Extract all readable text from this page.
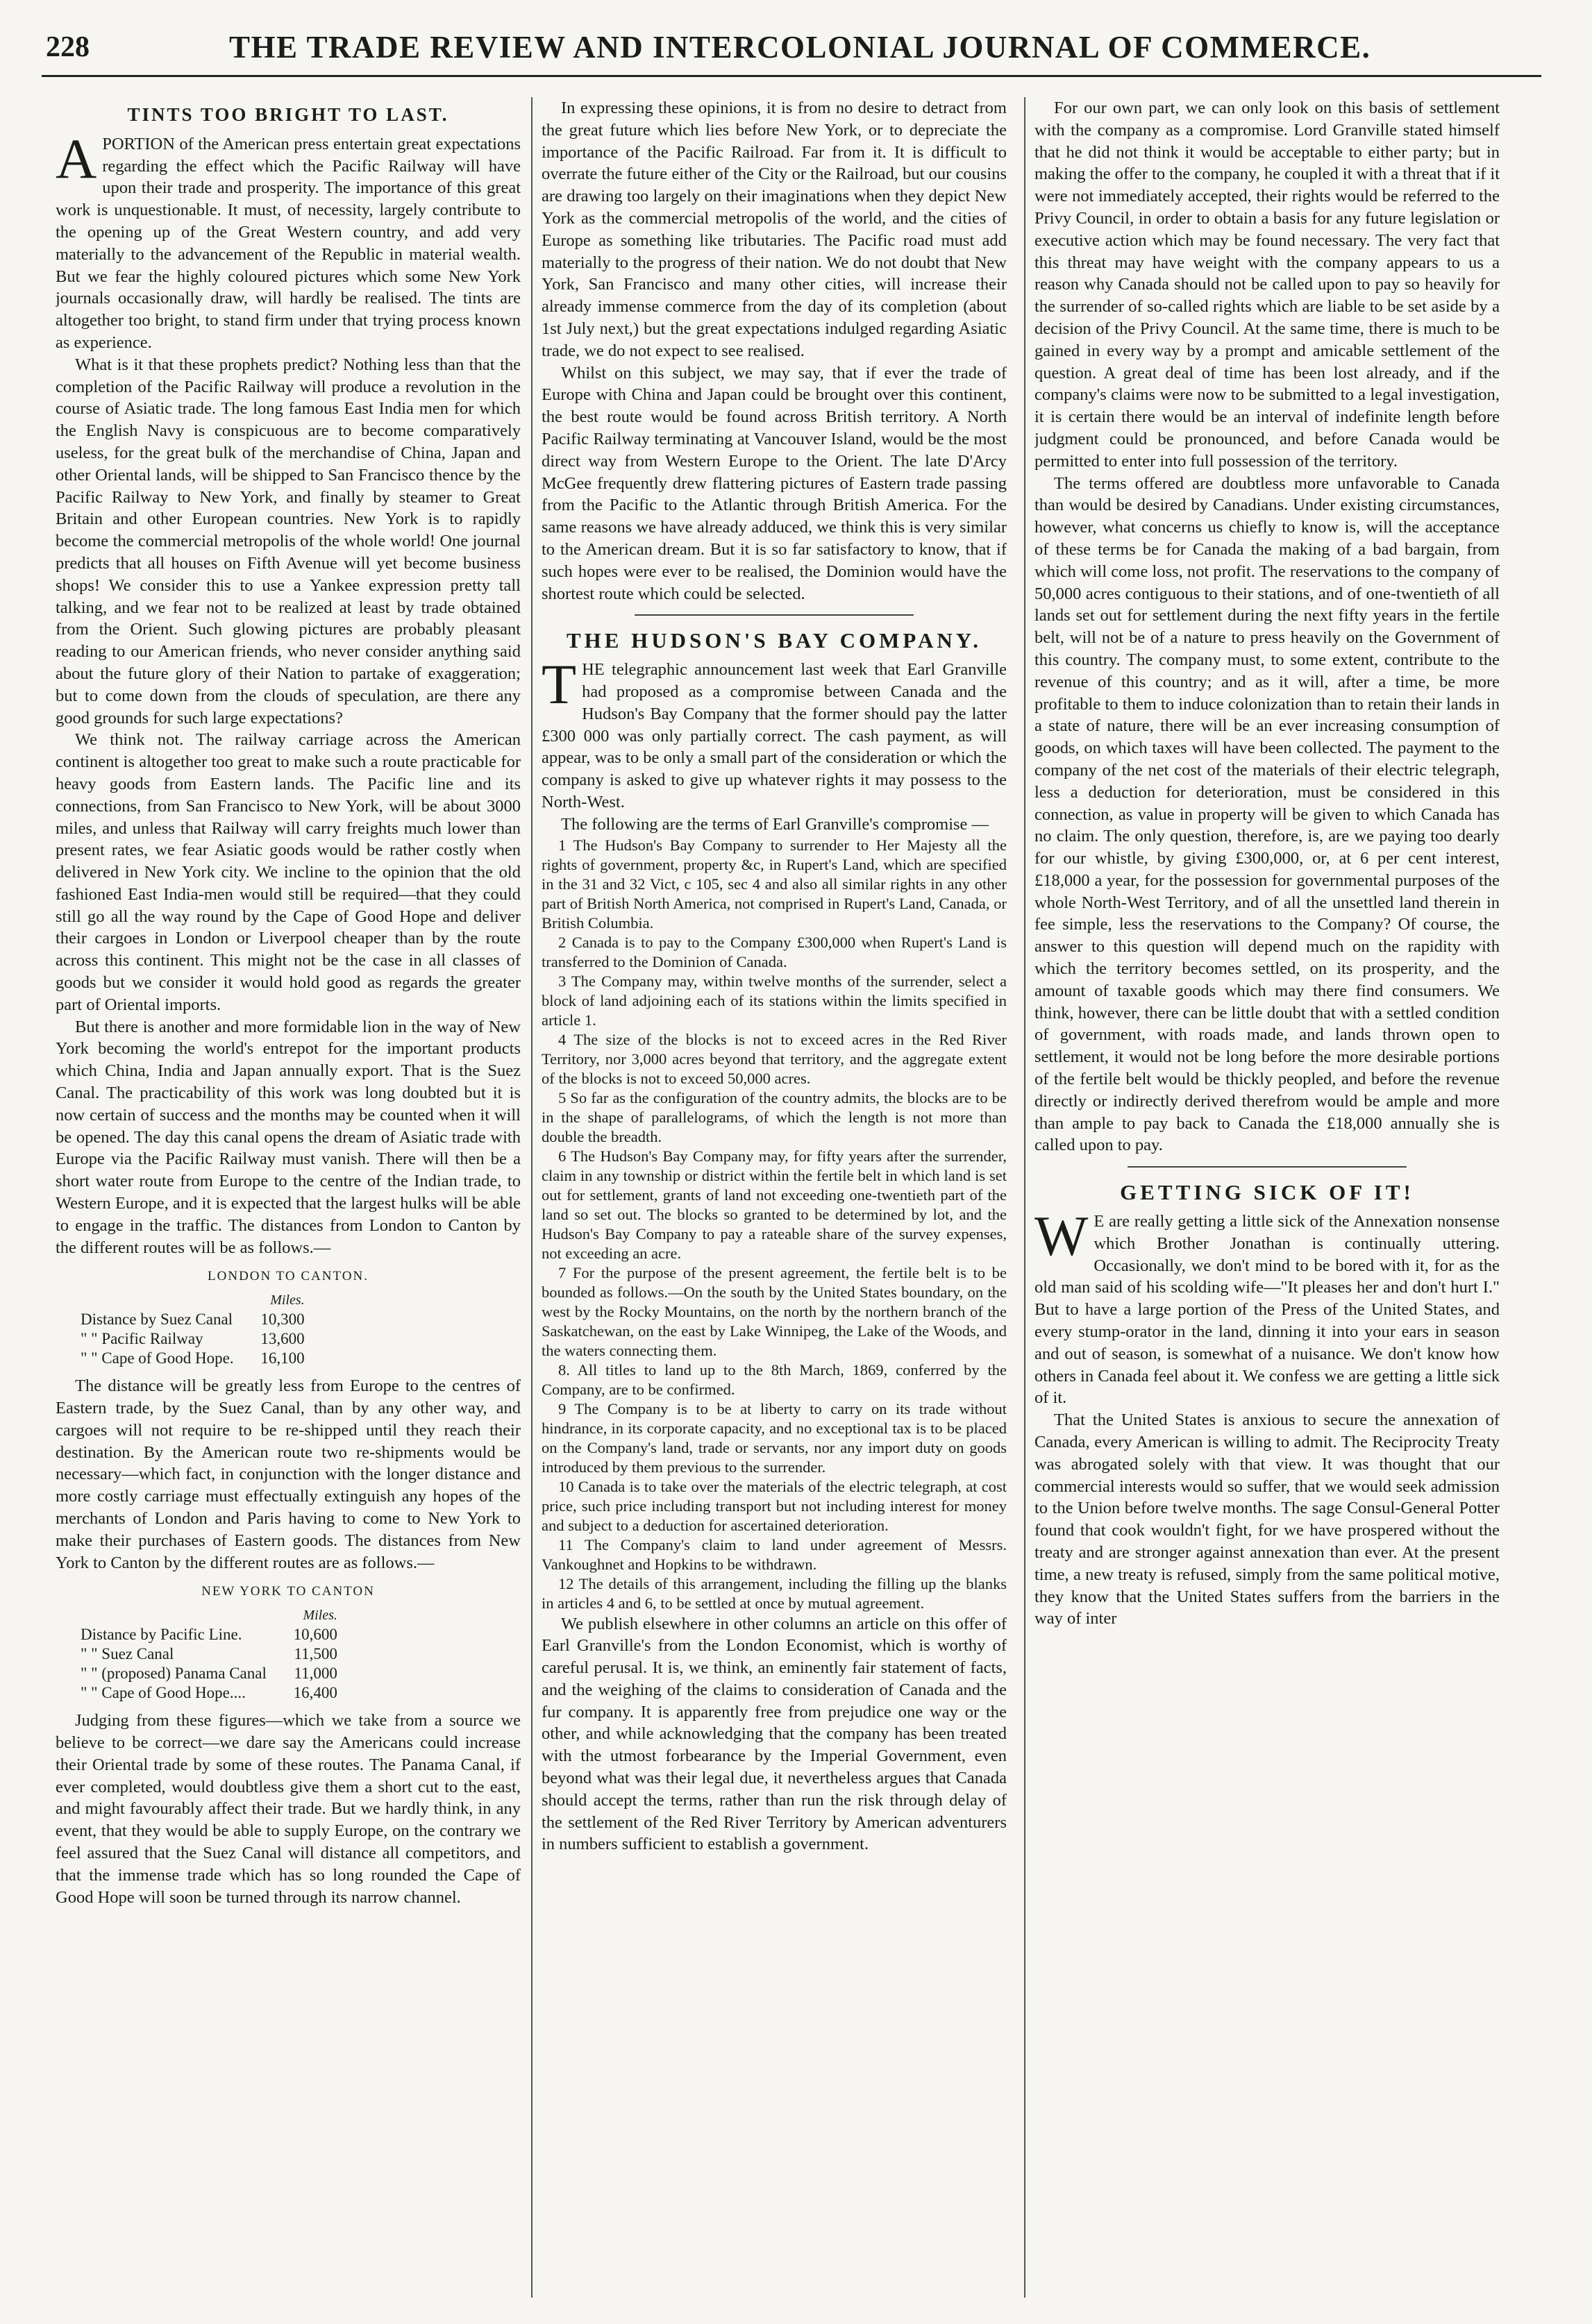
228	THE TRADE REVIEW AND INTERCOLONIAL JOURNAL OF COMMERCE.
TINTS TOO BRIGHT TO LAST.

APORTION of the American press entertain great expectations regarding the effect which the Pacific Railway will have upon their trade and prosperity. The importance of this great work is unquestionable. It must, of necessity, largely contribute to the opening up of the Great Western country, and add very materially to the advancement of the Republic in material wealth. But we fear the highly coloured pictures which some New York journals occasionally draw, will hardly be realised. The tints are altogether too bright, to stand firm under that trying process known as experience.

What is it that these prophets predict? Nothing less than that the completion of the Pacific Railway will produce a revolution in the course of Asiatic trade. The long famous East India men for which the English Navy is conspicuous are to become comparatively useless, for the great bulk of the merchandise of China, Japan and other Oriental lands, will be shipped to San Francisco thence by the Pacific Railway to New York, and finally by steamer to Great Britain and other European countries. New York is to rapidly become the commercial metropolis of the whole world! One journal predicts that all houses on Fifth Avenue will yet become business shops! We consider this to use a Yankee expression pretty tall talking, and we fear not to be realized at least by trade obtained from the Orient. Such glowing pictures are probably pleasant reading to our American friends, who never consider anything said about the future glory of their Nation to partake of exaggeration; but to come down from the clouds of speculation, are there any good grounds for such large expectations?

We think not. The railway carriage across the American continent is altogether too great to make such a route practicable for heavy goods from Eastern lands. The Pacific line and its connections, from San Francisco to New York, will be about 3000 miles, and unless that Railway will carry freights much lower than present rates, we fear Asiatic goods would be rather costly when delivered in New York city. We incline to the opinion that the old fashioned East India-men would still be required—that they could still go all the way round by the Cape of Good Hope and deliver their cargoes in London or Liverpool cheaper than by the route across this continent. This might not be the case in all classes of goods but we consider it would hold good as regards the greater part of Oriental imports.

But there is another and more formidable lion in the way of New York becoming the world's entrepot for the important products which China, India and Japan annually export. That is the Suez Canal. The practicability of this work was long doubted but it is now certain of success and the months may be counted when it will be opened. The day this canal opens the dream of Asiatic trade with Europe via the Pacific Railway must vanish. There will then be a short water route from Europe to the centre of the Indian trade, to Western Europe, and it is expected that the largest hulks will be able to engage in the traffic. The distances from London to Canton by the different routes will be as follows.—

LONDON TO CANTON.
	Miles.
Distance by Suez Canal	10,300
" " Pacific Railway	13,600
" " Cape of Good Hope.	16,100

The distance will be greatly less from Europe to the centres of Eastern trade, by the Suez Canal, than by any other way, and cargoes will not require to be re-shipped until they reach their destination. By the American route two re-shipments would be necessary—which fact, in conjunction with the longer distance and more costly carriage must effectually extinguish any hopes of the merchants of London and Paris having to come to New York to make their purchases of Eastern goods. The distances from New York to Canton by the different routes are as follows.—

NEW YORK TO CANTON
	Miles.
Distance by Pacific Line.	10,600
" " Suez Canal	11,500
" " (proposed) Panama Canal	11,000
" " Cape of Good Hope....	16,400

Judging from these figures—which we take from a source we believe to be correct—we dare say the Americans could increase their Oriental trade by some of these routes. The Panama Canal, if ever completed, would doubtless give them a short cut to the east, and might favourably affect their trade. But we hardly think, in any event, that they would be able to supply Europe, on the contrary we feel assured that the Suez Canal will distance all competitors, and that the immense trade which has so long rounded the Cape of Good Hope will soon be turned through its narrow channel.

In expressing these opinions, it is from no desire to detract from the great future which lies before New York, or to depreciate the importance of the Pacific Railroad. Far from it. It is difficult to overrate the future either of the City or the Railroad, but our cousins are drawing too largely on their imaginations when they depict New York as the commercial metropolis of the world, and the cities of Europe as something like tributaries. The Pacific road must add materially to the progress of their nation. We do not doubt that New York, San Francisco and many other cities, will increase their already immense commerce from the day of its completion (about 1st July next,) but the great expectations indulged regarding Asiatic trade, we do not expect to see realised.

Whilst on this subject, we may say, that if ever the trade of Europe with China and Japan could be brought over this continent, the best route would be found across British territory. A North Pacific Railway terminating at Vancouver Island, would be the most direct way from Western Europe to the Orient. The late D'Arcy McGee frequently drew flattering pictures of Eastern trade passing from the Pacific to the Atlantic through British America. For the same reasons we have already adduced, we think this is very similar to the American dream. But it is so far satisfactory to know, that if such hopes were ever to be realised, the Dominion would have the shortest route which could be selected.

THE HUDSON'S BAY COMPANY.

THE telegraphic announcement last week that Earl Granville had proposed as a compromise between Canada and the Hudson's Bay Company that the former should pay the latter £300 000 was only partially correct. The cash payment, as will appear, was to be only a small part of the consideration or which the company is asked to give up whatever rights it may possess to the North-West.

The following are the terms of Earl Granville's compromise —

1 The Hudson's Bay Company to surrender to Her Majesty all the rights of government, property &c, in Rupert's Land, which are specified in the 31 and 32 Vict, c 105, sec 4 and also all similar rights in any other part of British North America, not comprised in Rupert's Land, Canada, or British Columbia.
2 Canada is to pay to the Company £300,000 when Rupert's Land is transferred to the Dominion of Canada.
3 The Company may, within twelve months of the surrender, select a block of land adjoining each of its stations within the limits specified in article 1.
4 The size of the blocks is not to exceed acres in the Red River Territory, nor 3,000 acres beyond that territory, and the aggregate extent of the blocks is not to exceed 50,000 acres.
5 So far as the configuration of the country admits, the blocks are to be in the shape of parallelograms, of which the length is not more than double the breadth.
6 The Hudson's Bay Company may, for fifty years after the surrender, claim in any township or district within the fertile belt in which land is set out for settlement, grants of land not exceeding one-twentieth part of the land so set out. The blocks so granted to be determined by lot, and the Hudson's Bay Company to pay a rateable share of the survey expenses, not exceeding an acre.
7 For the purpose of the present agreement, the fertile belt is to be bounded as follows.—On the south by the United States boundary, on the west by the Rocky Mountains, on the north by the northern branch of the Saskatchewan, on the east by Lake Winnipeg, the Lake of the Woods, and the waters connecting them.
8. All titles to land up to the 8th March, 1869, conferred by the Company, are to be confirmed.
9 The Company is to be at liberty to carry on its trade without hindrance, in its corporate capacity, and no exceptional tax is to be placed on the Company's land, trade or servants, nor any import duty on goods introduced by them previous to the surrender.
10 Canada is to take over the materials of the electric telegraph, at cost price, such price including transport but not including interest for money and subject to a deduction for ascertained deterioration.
11 The Company's claim to land under agreement of Messrs. Vankoughnet and Hopkins to be withdrawn.
12 The details of this arrangement, including the filling up the blanks in articles 4 and 6, to be settled at once by mutual agreement.

We publish elsewhere in other columns an article on this offer of Earl Granville's from the London Economist, which is worthy of careful perusal. It is, we think, an eminently fair statement of facts, and the weighing of the claims to consideration of Canada and the fur company. It is apparently free from prejudice one way or the other, and while acknowledging that the company has been treated with the utmost forbearance by the Imperial Government, even beyond what was their legal due, it nevertheless argues that Canada should accept the terms, rather than run the risk through delay of the settlement of the Red River Territory by American adventurers in numbers sufficient to establish a government.

For our own part, we can only look on this basis of settlement with the company as a compromise. Lord Granville stated himself that he did not think it would be acceptable to either party; but in making the offer to the company, he coupled it with a threat that if it were not immediately accepted, their rights would be referred to the Privy Council, in order to obtain a basis for any future legislation or executive action which may be found necessary. The very fact that this threat may have weight with the company appears to us a reason why Canada should not be called upon to pay so heavily for the surrender of so-called rights which are liable to be set aside by a decision of the Privy Council. At the same time, there is much to be gained in every way by a prompt and amicable settlement of the question. A great deal of time has been lost already, and if the company's claims were now to be submitted to a legal investigation, it is certain there would be an interval of indefinite length before judgment could be pronounced, and before Canada would be permitted to enter into full possession of the territory.

The terms offered are doubtless more unfavorable to Canada than would be desired by Canadians. Under existing circumstances, however, what concerns us chiefly to know is, will the acceptance of these terms be for Canada the making of a bad bargain, from which will come loss, not profit. The reservations to the company of 50,000 acres contiguous to their stations, and of one-twentieth of all lands set out for settlement during the next fifty years in the fertile belt, will not be of a nature to press heavily on the Government of this country. The company must, to some extent, contribute to the revenue of this country; and as it will, after a time, be more profitable to them to induce colonization than to retain their lands in a state of nature, there will be an ever increasing consumption of goods, on which taxes will have been collected. The payment to the company of the net cost of the materials of their electric telegraph, less a deduction for deterioration, must be considered in this connection, as value in property will be given to which Canada has no claim. The only question, therefore, is, are we paying too dearly for our whistle, by giving £300,000, or, at 6 per cent interest, £18,000 a year, for the possession for governmental purposes of the whole North-West Territory, and of all the unsettled land therein in fee simple, less the reservations to the Company? Of course, the answer to this question will depend much on the rapidity with which the territory becomes settled, on its prosperity, and the amount of taxable goods which may there find consumers. We think, however, there can be little doubt that with a settled condition of government, with roads made, and lands thrown open to settlement, it would not be long before the more desirable portions of the fertile belt would be thickly peopled, and before the revenue directly or indirectly derived therefrom would be ample and more than ample to pay back to Canada the £18,000 annually she is called upon to pay.

GETTING SICK OF IT!

W E are really getting a little sick of the Annexation nonsense which Brother Jonathan is continually uttering. Occasionally, we don't mind to be bored with it, for as the old man said of his scolding wife—"It pleases her and don't hurt I." But to have a large portion of the Press of the United States, and every stump-orator in the land, dinning it into your ears in season and out of season, is somewhat of a nuisance. We don't know how others in Canada feel about it. We confess we are getting a little sick of it.

That the United States is anxious to secure the annexation of Canada, every American is willing to admit. The Reciprocity Treaty was abrogated solely with that view. It was thought that our commercial interests would so suffer, that we would seek admission to the Union before twelve months. The sage Consul-General Potter found that cook wouldn't fight, for we have prospered without the treaty and are stronger against annexation than ever. At the present time, a new treaty is refused, simply from the same political motive, they know that the United States suffers from the barriers in the way of inter
